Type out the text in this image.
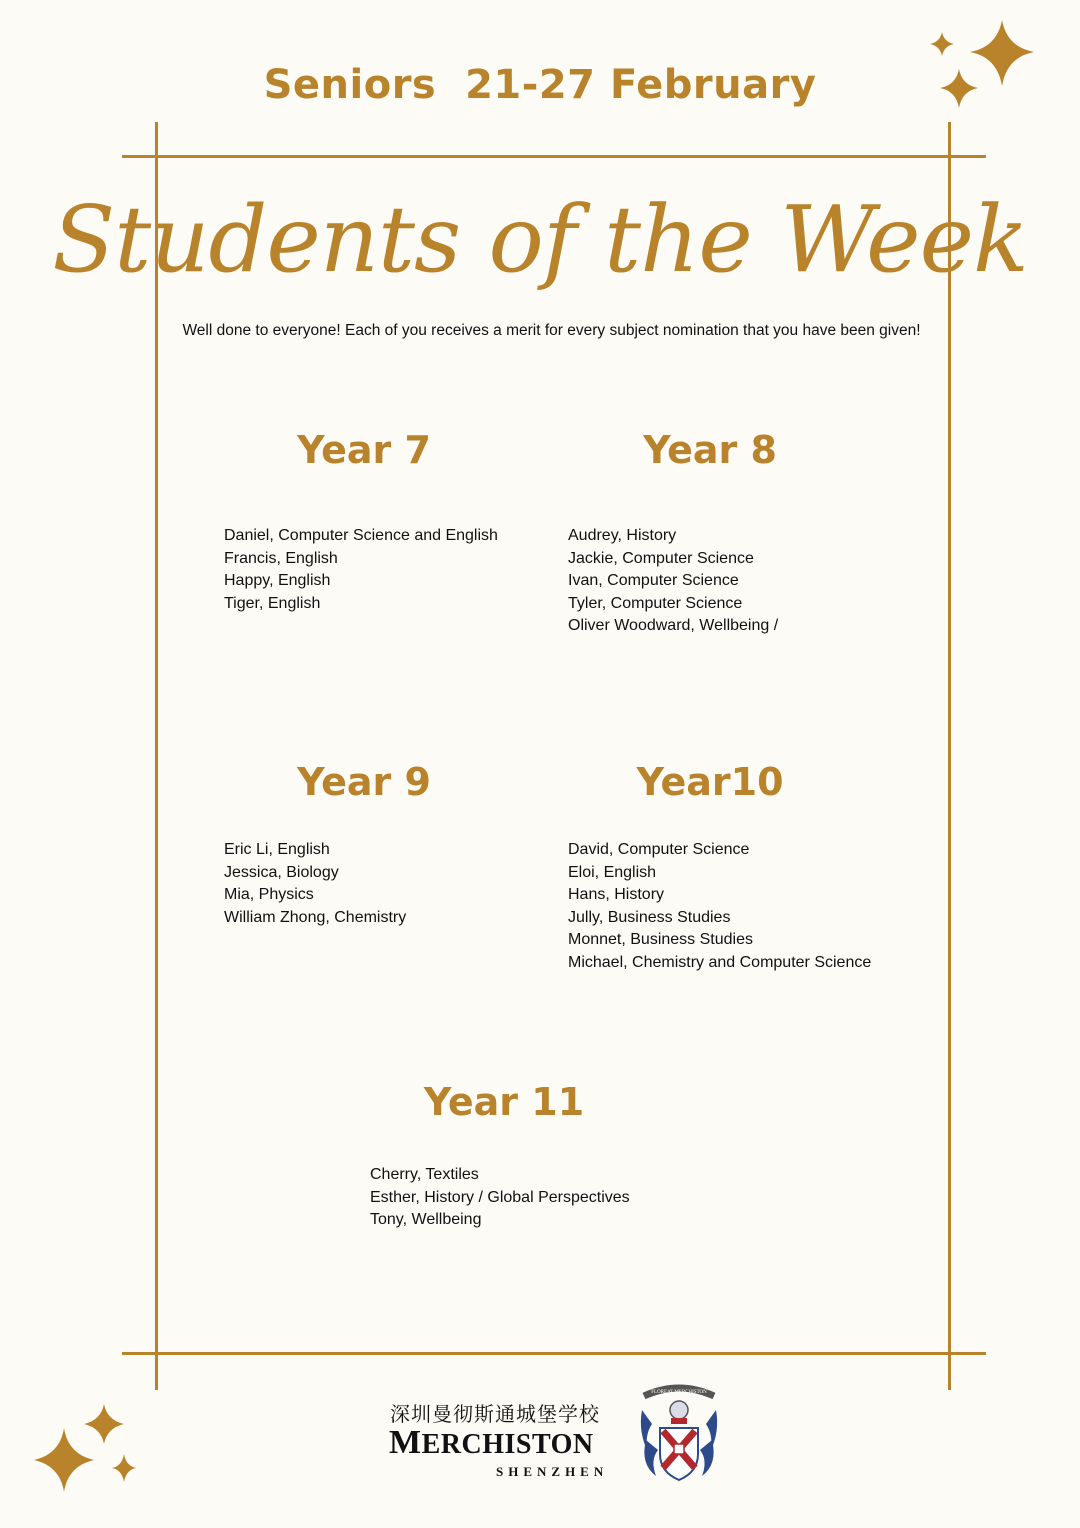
Seniors  21-27 February
Students of the Week
Well done to everyone! Each of you receives a merit for every subject nomination that you have been given!
Year 7
Daniel, Computer Science and English
Francis, English
Happy, English
Tiger, English
Year 8
Audrey, History
Jackie, Computer Science
Ivan, Computer Science
Tyler, Computer Science
Oliver Woodward, Wellbeing /
Year 9
Eric Li, English
Jessica, Biology
Mia, Physics
William Zhong, Chemistry
Year10
David, Computer Science
Eloi, English
Hans, History
Jully, Business Studies
Monnet, Business Studies
Michael, Chemistry and Computer Science
Year 11
Cherry, Textiles
Esther, History / Global Perspectives
Tony, Wellbeing
深圳曼彻斯通城堡学校
MERCHISTON
SHENZHEN
FLOREAT MERCHISTON
